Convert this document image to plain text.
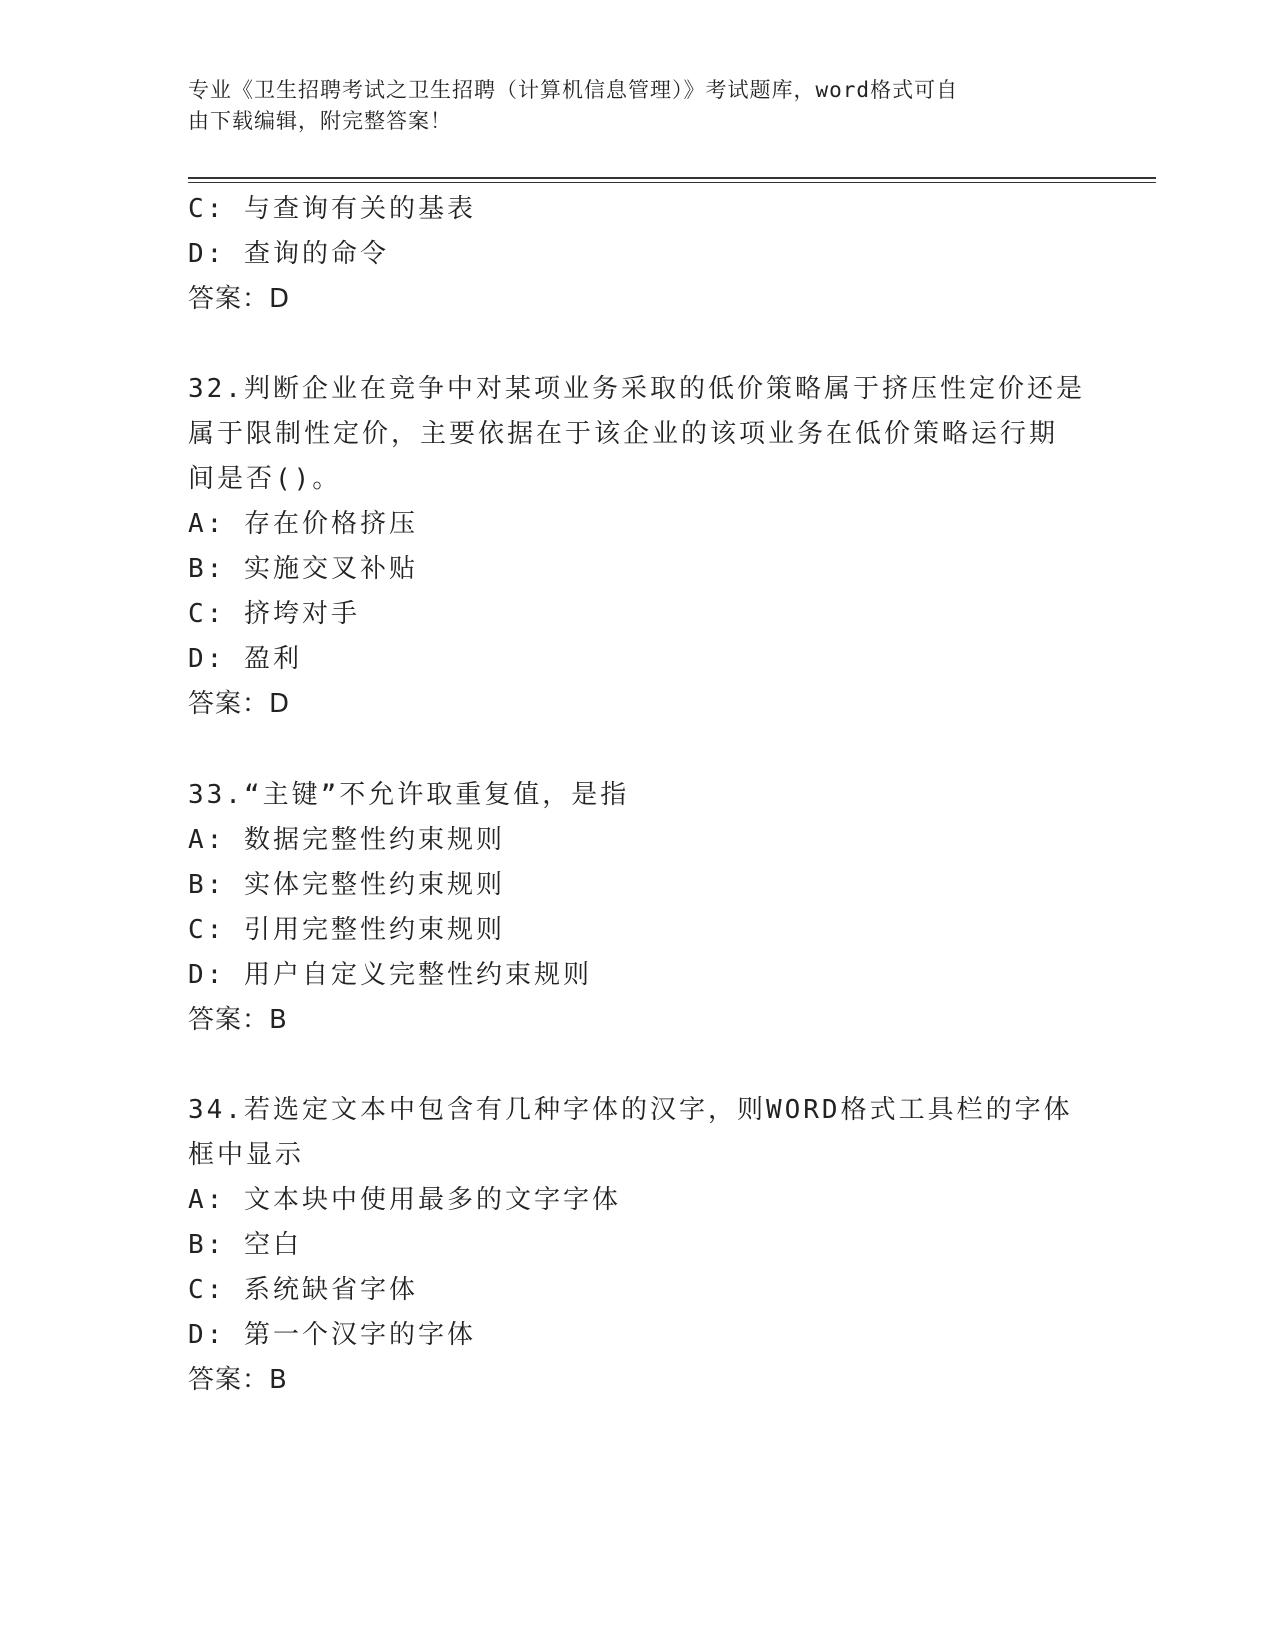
专业《卫生招聘考试之卫生招聘（计算机信息管理）》考试题库，word格式可自
由下载编辑，附完整答案！
C: 与查询有关的基表
D: 查询的命令
答案：D
32.判断企业在竞争中对某项业务采取的低价策略属于挤压性定价还是
属于限制性定价，主要依据在于该企业的该项业务在低价策略运行期
间是否()。
A: 存在价格挤压
B: 实施交叉补贴
C: 挤垮对手
D: 盈利
答案：D
33.“主键”不允许取重复值，是指
A: 数据完整性约束规则
B: 实体完整性约束规则
C: 引用完整性约束规则
D: 用户自定义完整性约束规则
答案：B
34.若选定文本中包含有几种字体的汉字，则WORD格式工具栏的字体
框中显示
A: 文本块中使用最多的文字字体
B: 空白
C: 系统缺省字体
D: 第一个汉字的字体
答案：B
